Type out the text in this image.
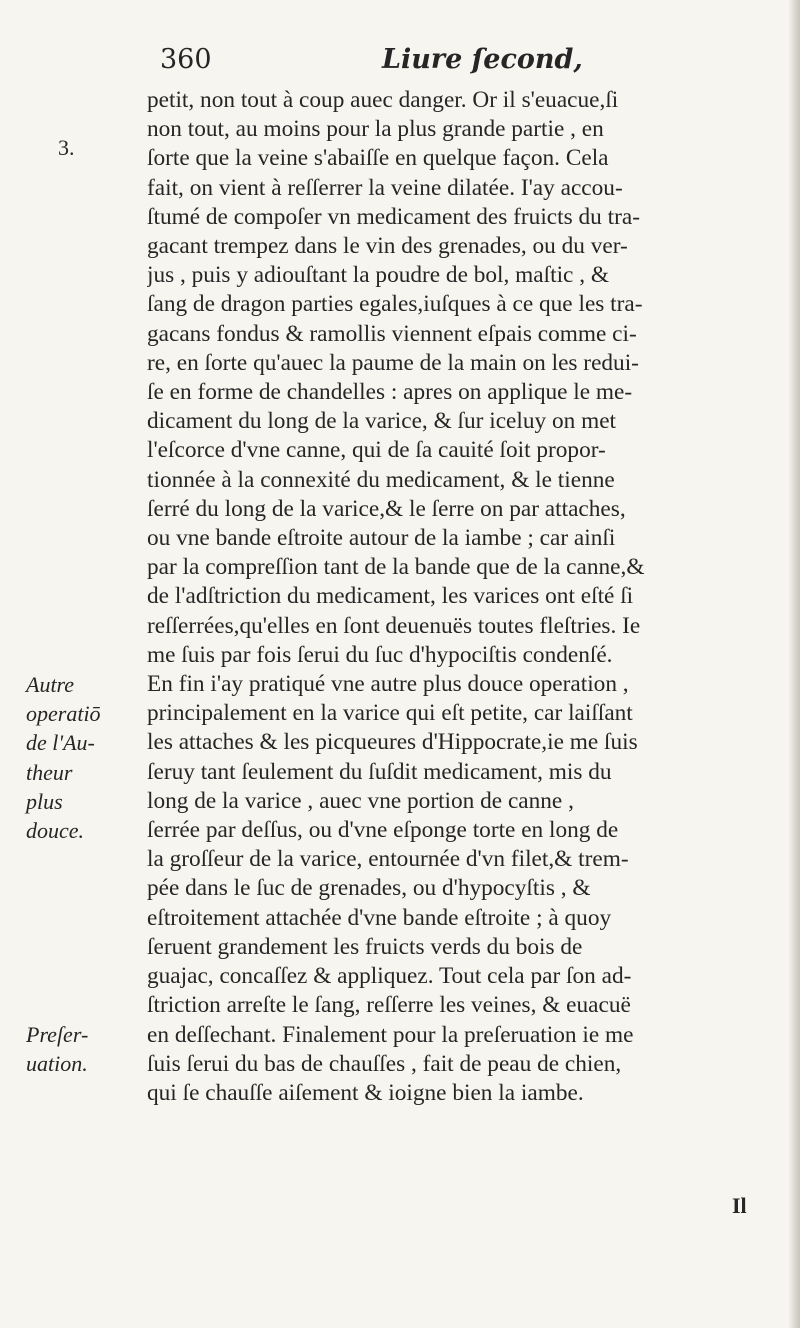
360	Liure ſecond,
3.
Autre
operatiō
de l'Au-
theur
plus
douce.
Preſer-
uation.
petit, non tout à coup auec danger. Or il s'euacue,ſi
non tout, au moins pour la plus grande partie , en
ſorte que la veine s'abaiſſe en quelque façon. Cela
fait, on vient à reſſerrer la veine dilatée. I'ay accou-
ſtumé de compoſer vn medicament des fruicts du tra-
gacant trempez dans le vin des grenades, ou du ver-
jus , puis y adiouſtant la poudre de bol, maſtic , &
ſang de dragon parties egales,iuſques à ce que les tra-
gacans fondus & ramollis viennent eſpais comme ci-
re, en ſorte qu'auec la paume de la main on les redui-
ſe en forme de chandelles : apres on applique le me-
dicament du long de la varice, & ſur iceluy on met
l'eſcorce d'vne canne, qui de ſa cauité ſoit propor-
tionnée à la connexité du medicament, & le tienne
ſerré du long de la varice,& le ſerre on par attaches,
ou vne bande eſtroite autour de la iambe ; car ainſi
par la compreſſion tant de la bande que de la canne,&
de l'adſtriction du medicament, les varices ont eſté ſi
reſſerrées,qu'elles en ſont deuenuës toutes fleſtries. Ie
me ſuis par fois ſerui du ſuc d'hypociſtis condenſé.
En fin i'ay pratiqué vne autre plus douce operation ,
principalement en la varice qui eſt petite, car laiſſant
les attaches & les picqueures d'Hippocrate,ie me ſuis
ſeruy tant ſeulement du ſuſdit medicament, mis du
long de la varice , auec vne portion de canne ,
ſerrée par deſſus, ou d'vne eſponge torte en long de
la groſſeur de la varice, entournée d'vn filet,& trem-
pée dans le ſuc de grenades, ou d'hypocyſtis , &
eſtroitement attachée d'vne bande eſtroite ; à quoy
ſeruent grandement les fruicts verds du bois de
guajac, concaſſez & appliquez. Tout cela par ſon ad-
ſtriction arreſte le ſang, reſſerre les veines, & euacuë
en deſſechant. Finalement pour la preſeruation ie me
ſuis ſerui du bas de chauſſes , fait de peau de chien,
qui ſe chauſſe aiſement & ioigne bien la iambe.
Il
